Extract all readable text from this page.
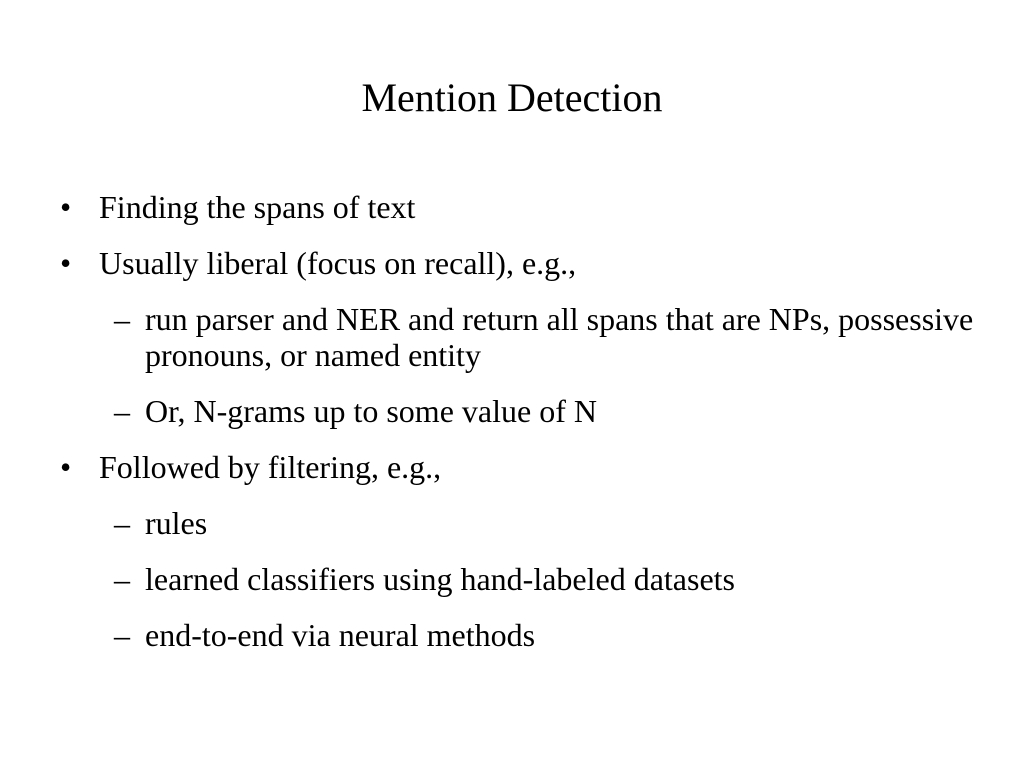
Mention Detection
• Finding the spans of text
• Usually liberal (focus on recall), e.g.,
– run parser and NER and return all spans that are NPs, possessive pronouns, or named entity
– Or, N-grams up to some value of N
• Followed by filtering, e.g.,
– rules
– learned classifiers using hand-labeled datasets
– end-to-end via neural methods
